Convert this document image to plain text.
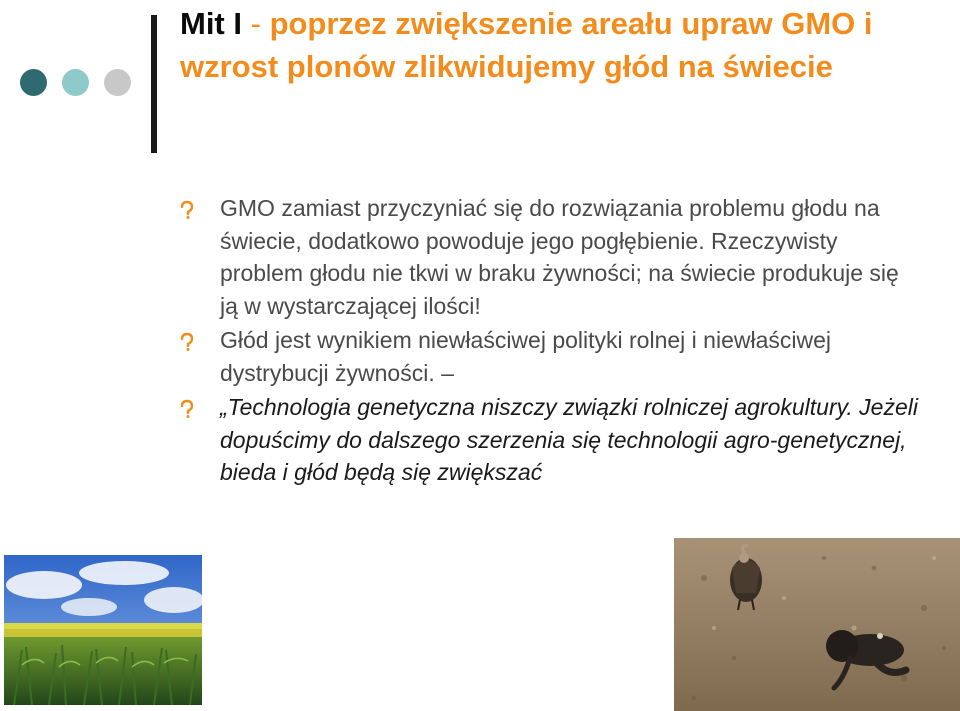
Mit I - poprzez zwiększenie areału upraw GMO i wzrost plonów zlikwidujemy głód na świecie
GMO zamiast przyczyniać się do rozwiązania problemu głodu na świecie, dodatkowo powoduje jego pogłębienie. Rzeczywisty problem głodu nie tkwi w braku żywności; na świecie produkuje się ją w wystarczającej ilości!
Głód jest wynikiem niewłaściwej polityki rolnej i niewłaściwej dystrybucji żywności. –
„Technologia genetyczna niszczy związki rolniczej agrokultury. Jeżeli dopuścimy do dalszego szerzenia się technologii agro-genetycznej, bieda i głód będą się zwiększać
